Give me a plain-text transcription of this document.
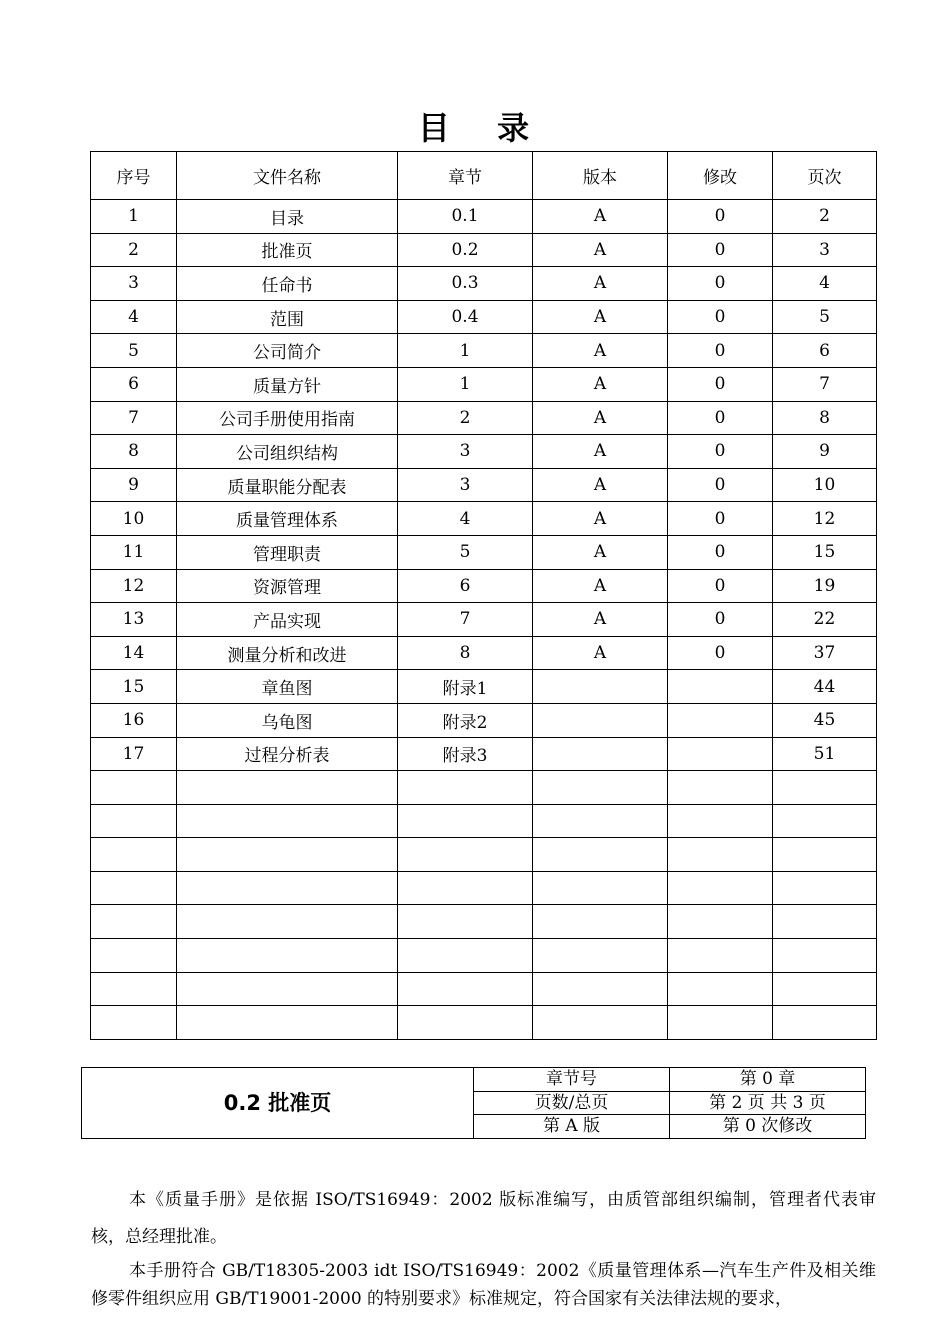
目 录
序号	文件名称	章节	版本	修改	页次
1	目录	0.1	A	0	2
2	批准页	0.2	A	0	3
3	任命书	0.3	A	0	4
4	范围	0.4	A	0	5
5	公司简介	1	A	0	6
6	质量方针	1	A	0	7
7	公司手册使用指南	2	A	0	8
8	公司组织结构	3	A	0	9
9	质量职能分配表	3	A	0	10
10	质量管理体系	4	A	0	12
11	管理职责	5	A	0	15
12	资源管理	6	A	0	19
13	产品实现	7	A	0	22
14	测量分析和改进	8	A	0	37
15	章鱼图	附录1			44
16	乌龟图	附录2			45
17	过程分析表	附录3			51

0.2 批准页	章节号	第 0 章
	页数/总页	第 2 页 共 3 页
	第 A 版	第 0 次修改

本《质量手册》是依据 ISO/TS16949：2002 版标准编写，由质管部组织编制，管理者代表审核，总经理批准。

本手册符合 GB/T18305-2003 idt ISO/TS16949：2002《质量管理体系—汽车生产件及相关维修零件组织应用 GB/T19001-2000 的特别要求》标准规定，符合国家有关法律法规的要求，
